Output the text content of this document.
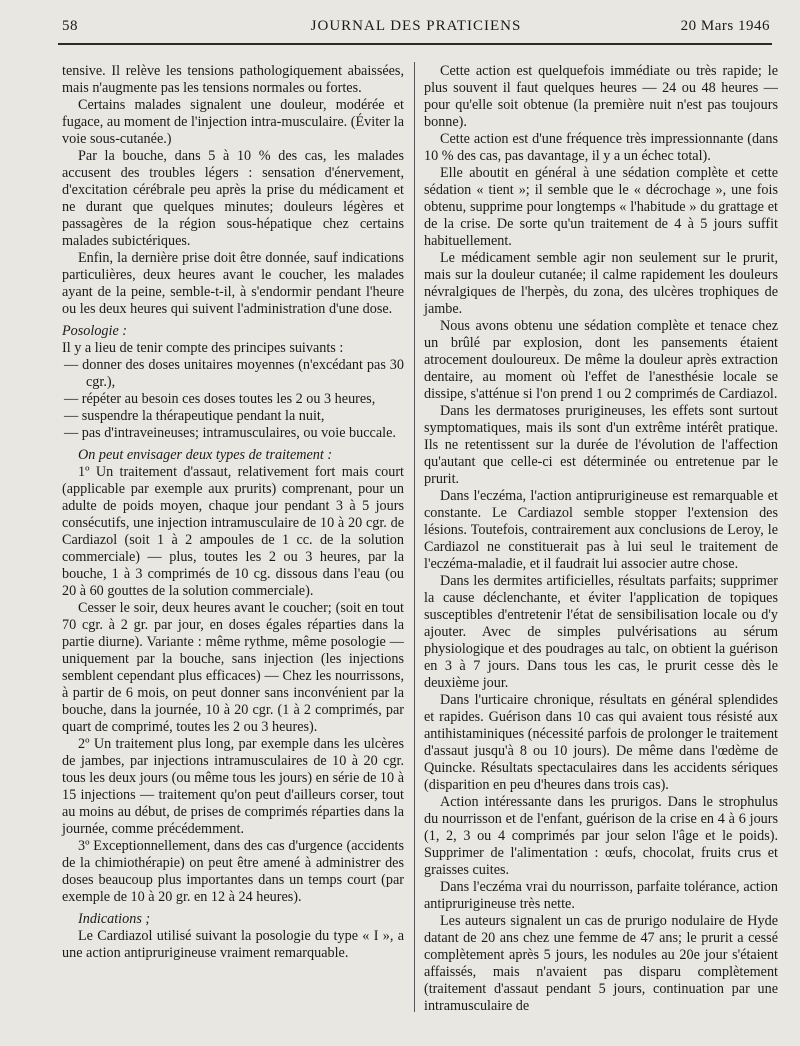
58	JOURNAL DES PRATICIENS	20 Mars 1946

tensive. Il relève les tensions pathologiquement abaissées, mais n'augmente pas les tensions normales ou fortes.

Certains malades signalent une douleur, modérée et fugace, au moment de l'injection intra-musculaire. (Éviter la voie sous-cutanée.)

Par la bouche, dans 5 à 10 % des cas, les malades accusent des troubles légers : sensation d'énervement, d'excitation cérébrale peu après la prise du médicament et ne durant que quelques minutes; douleurs légères et passagères de la région sous-hépatique chez certains malades subictériques.

Enfin, la dernière prise doit être donnée, sauf indications particulières, deux heures avant le coucher, les malades ayant de la peine, semble-t-il, à s'endormir pendant l'heure ou les deux heures qui suivent l'administration d'une dose.

Posologie :

Il y a lieu de tenir compte des principes suivants :
— donner des doses unitaires moyennes (n'excédant pas 30 cgr.),
— répéter au besoin ces doses toutes les 2 ou 3 heures,
— suspendre la thérapeutique pendant la nuit,
— pas d'intraveineuses; intramusculaires, ou voie buccale.

On peut envisager deux types de traitement :

1º Un traitement d'assaut, relativement fort mais court (applicable par exemple aux prurits) comprenant, pour un adulte de poids moyen, chaque jour pendant 3 à 5 jours consécutifs, une injection intramusculaire de 10 à 20 cgr. de Cardiazol (soit 1 à 2 ampoules de 1 cc. de la solution commerciale) — plus, toutes les 2 ou 3 heures, par la bouche, 1 à 3 comprimés de 10 cg. dissous dans l'eau (ou 20 à 60 gouttes de la solution commerciale).

Cesser le soir, deux heures avant le coucher; (soit en tout 70 cgr. à 2 gr. par jour, en doses égales réparties dans la partie diurne). Variante : même rythme, même posologie — uniquement par la bouche, sans injection (les injections semblent cependant plus efficaces) — Chez les nourrissons, à partir de 6 mois, on peut donner sans inconvénient par la bouche, dans la journée, 10 à 20 cgr. (1 à 2 comprimés, par quart de comprimé, toutes les 2 ou 3 heures).

2º Un traitement plus long, par exemple dans les ulcères de jambes, par injections intramusculaires de 10 à 20 cgr. tous les deux jours (ou même tous les jours) en série de 10 à 15 injections — traitement qu'on peut d'ailleurs corser, tout au moins au début, de prises de comprimés réparties dans la journée, comme précédemment.

3º Exceptionnellement, dans des cas d'urgence (accidents de la chimiothérapie) on peut être amené à administrer des doses beaucoup plus importantes dans un temps court (par exemple de 10 à 20 gr. en 12 à 24 heures).

Indications ;

Le Cardiazol utilisé suivant la posologie du type « I », a une action antiprurigineuse vraiment remarquable.

Cette action est quelquefois immédiate ou très rapide; le plus souvent il faut quelques heures — 24 ou 48 heures — pour qu'elle soit obtenue (la première nuit n'est pas toujours bonne).

Cette action est d'une fréquence très impressionnante (dans 10 % des cas, pas davantage, il y a un échec total).

Elle aboutit en général à une sédation complète et cette sédation « tient »; il semble que le « décrochage », une fois obtenu, supprime pour longtemps « l'habitude » du grattage et de la crise. De sorte qu'un traitement de 4 à 5 jours suffit habituellement.

Le médicament semble agir non seulement sur le prurit, mais sur la douleur cutanée; il calme rapidement les douleurs névralgiques de l'herpès, du zona, des ulcères trophiques de jambe.

Nous avons obtenu une sédation complète et tenace chez un brûlé par explosion, dont les pansements étaient atrocement douloureux. De même la douleur après extraction dentaire, au moment où l'effet de l'anesthésie locale se dissipe, s'atténue si l'on prend 1 ou 2 comprimés de Cardiazol.

Dans les dermatoses prurigineuses, les effets sont surtout symptomatiques, mais ils sont d'un extrême intérêt pratique. Ils ne retentissent sur la durée de l'évolution de l'affection qu'autant que celle-ci est déterminée ou entretenue par le prurit.

Dans l'eczéma, l'action antiprurigineuse est remarquable et constante. Le Cardiazol semble stopper l'extension des lésions. Toutefois, contrairement aux conclusions de Leroy, le Cardiazol ne constituerait pas à lui seul le traitement de l'eczéma-maladie, et il faudrait lui associer autre chose.

Dans les dermites artificielles, résultats parfaits; supprimer la cause déclenchante, et éviter l'application de topiques susceptibles d'entretenir l'état de sensibilisation locale ou d'y ajouter. Avec de simples pulvérisations au sérum physiologique et des poudrages au talc, on obtient la guérison en 3 à 7 jours. Dans tous les cas, le prurit cesse dès le deuxième jour.

Dans l'urticaire chronique, résultats en général splendides et rapides. Guérison dans 10 cas qui avaient tous résisté aux antihistaminiques (nécessité parfois de prolonger le traitement d'assaut jusqu'à 8 ou 10 jours). De même dans l'œdème de Quincke. Résultats spectaculaires dans les accidents sériques (disparition en peu d'heures dans trois cas).

Action intéressante dans les prurigos. Dans le strophulus du nourrisson et de l'enfant, guérison de la crise en 4 à 6 jours (1, 2, 3 ou 4 comprimés par jour selon l'âge et le poids). Supprimer de l'alimentation : œufs, chocolat, fruits crus et graisses cuites.

Dans l'eczéma vrai du nourrisson, parfaite tolérance, action antiprurigineuse très nette.

Les auteurs signalent un cas de prurigo nodulaire de Hyde datant de 20 ans chez une femme de 47 ans; le prurit a cessé complètement après 5 jours, les nodules au 20e jour s'étaient affaissés, mais n'avaient pas disparu complètement (traitement d'assaut pendant 5 jours, continuation par une intramusculaire de
